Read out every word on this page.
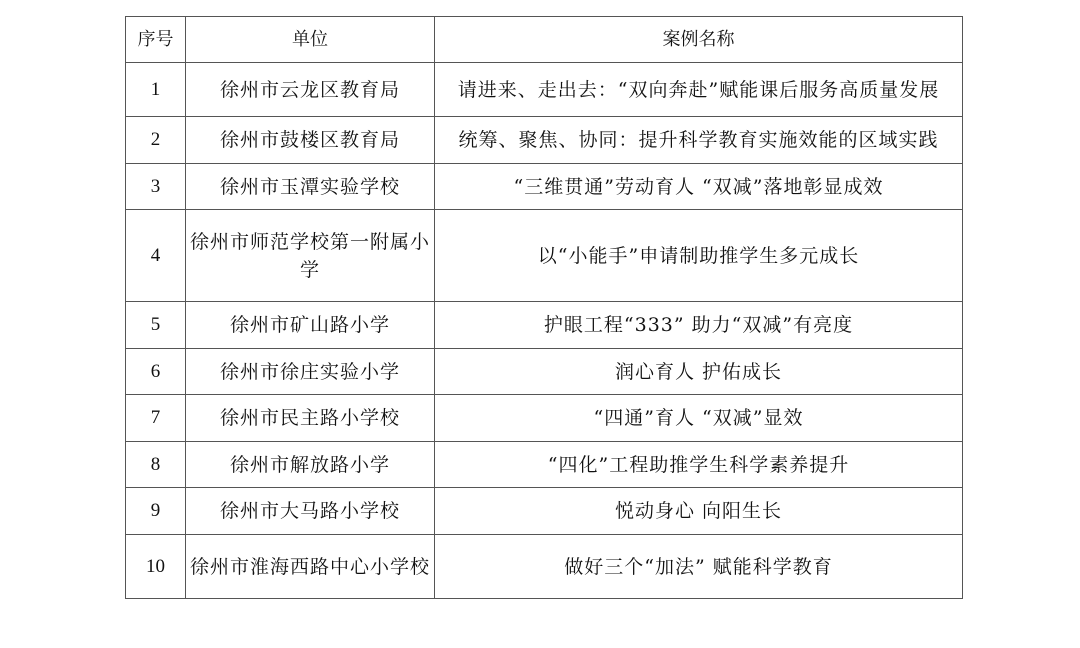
序号	单位	案例名称
1	徐州市云龙区教育局	请进来、走出去：“双向奔赴”赋能课后服务高质量发展
2	徐州市鼓楼区教育局	统筹、聚焦、协同：提升科学教育实施效能的区域实践
3	徐州市玉潭实验学校	“三维贯通”劳动育人 “双减”落地彰显成效
4	徐州市师范学校第一附属小学	以“小能手”申请制助推学生多元成长
5	徐州市矿山路小学	护眼工程“333” 助力“双减”有亮度
6	徐州市徐庄实验小学	润心育人 护佑成长
7	徐州市民主路小学校	“四通”育人 “双减”显效
8	徐州市解放路小学	“四化”工程助推学生科学素养提升
9	徐州市大马路小学校	悦动身心 向阳生长
10	徐州市淮海西路中心小学校	做好三个“加法” 赋能科学教育
